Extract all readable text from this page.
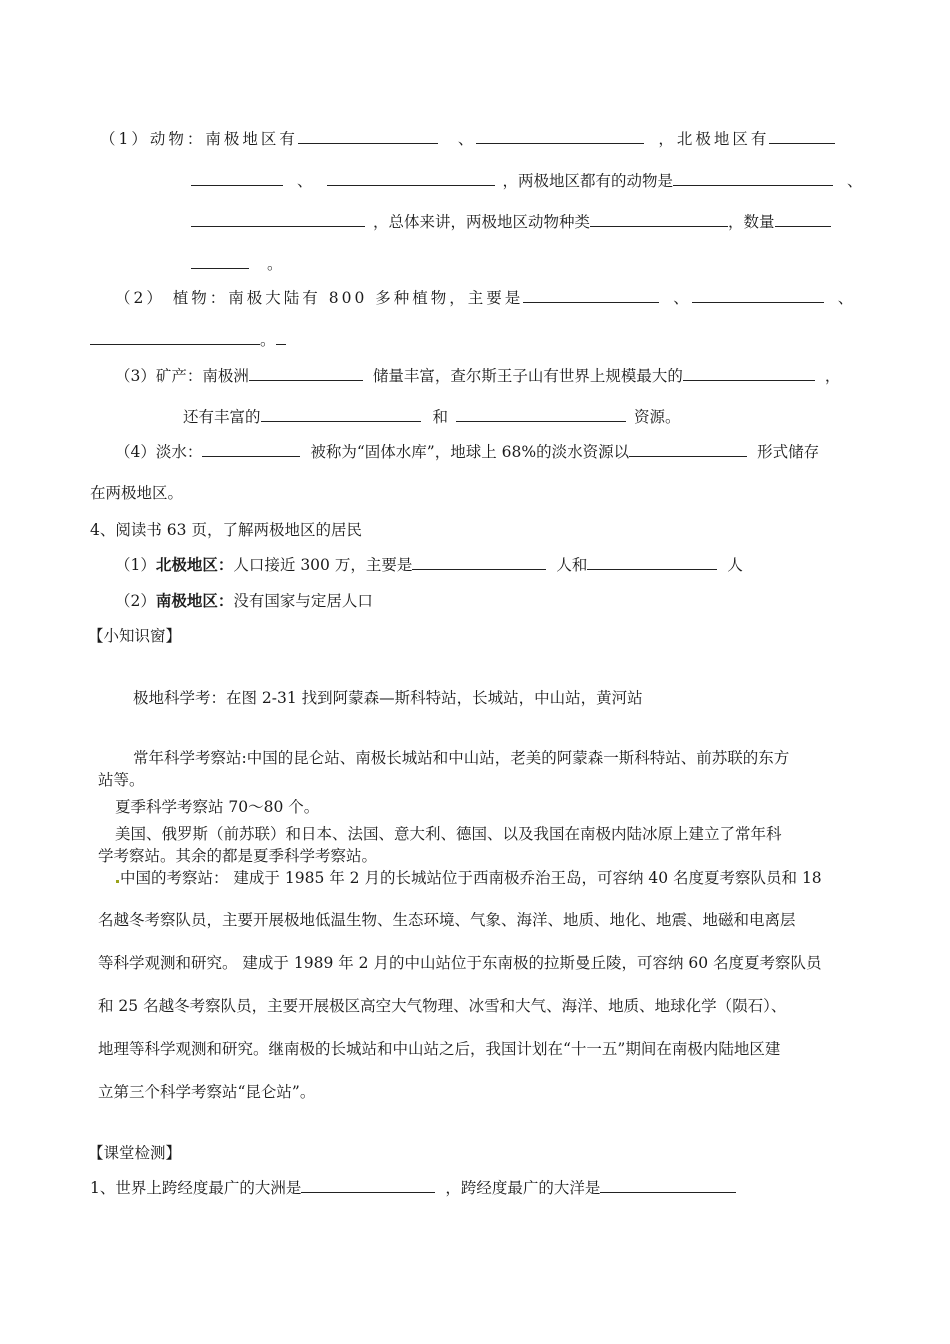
（1）动物：南极地区有	、	，北极地区有
、	，两极地区都有的动物是	、
，总体来讲，两极地区动物种类	，数量
。
（2） 植物：南极大陆有 800 多种植物，主要是	、	、
。
（3）矿产：南极洲	储量丰富，查尔斯王子山有世界上规模最大的	，
还有丰富的	和	资源。
（4）淡水：	被称为“固体水库”，地球上 68%的淡水资源以	形式储存
在两极地区。
4、阅读书 63 页，了解两极地区的居民
（1）北极地区：人口接近 300 万，主要是	人和	人
（2）南极地区：没有国家与定居人口
【小知识窗】
极地科学考：在图 2-31 找到阿蒙森—斯科特站，长城站，中山站，黄河站
常年科学考察站:中国的昆仑站、南极长城站和中山站，老美的阿蒙森一斯科特站、前苏联的东方
站等。
夏季科学考察站 70～80 个。
美国、俄罗斯（前苏联）和日本、法国、意大利、德国、以及我国在南极内陆冰原上建立了常年科
学考察站。其余的都是夏季科学考察站。
中国的考察站： 建成于 1985 年 2 月的长城站位于西南极乔治王岛，可容纳 40 名度夏考察队员和 18
名越冬考察队员，主要开展极地低温生物、生态环境、气象、海洋、地质、地化、地震、地磁和电离层
等科学观测和研究。 建成于 1989 年 2 月的中山站位于东南极的拉斯曼丘陵，可容纳 60 名度夏考察队员
和 25 名越冬考察队员，主要开展极区高空大气物理、冰雪和大气、海洋、地质、地球化学（陨石）、
地理等科学观测和研究。继南极的长城站和中山站之后，我国计划在“十一五”期间在南极内陆地区建
立第三个科学考察站“昆仑站”。
【课堂检测】
1、世界上跨经度最广的大洲是	，跨经度最广的大洋是
